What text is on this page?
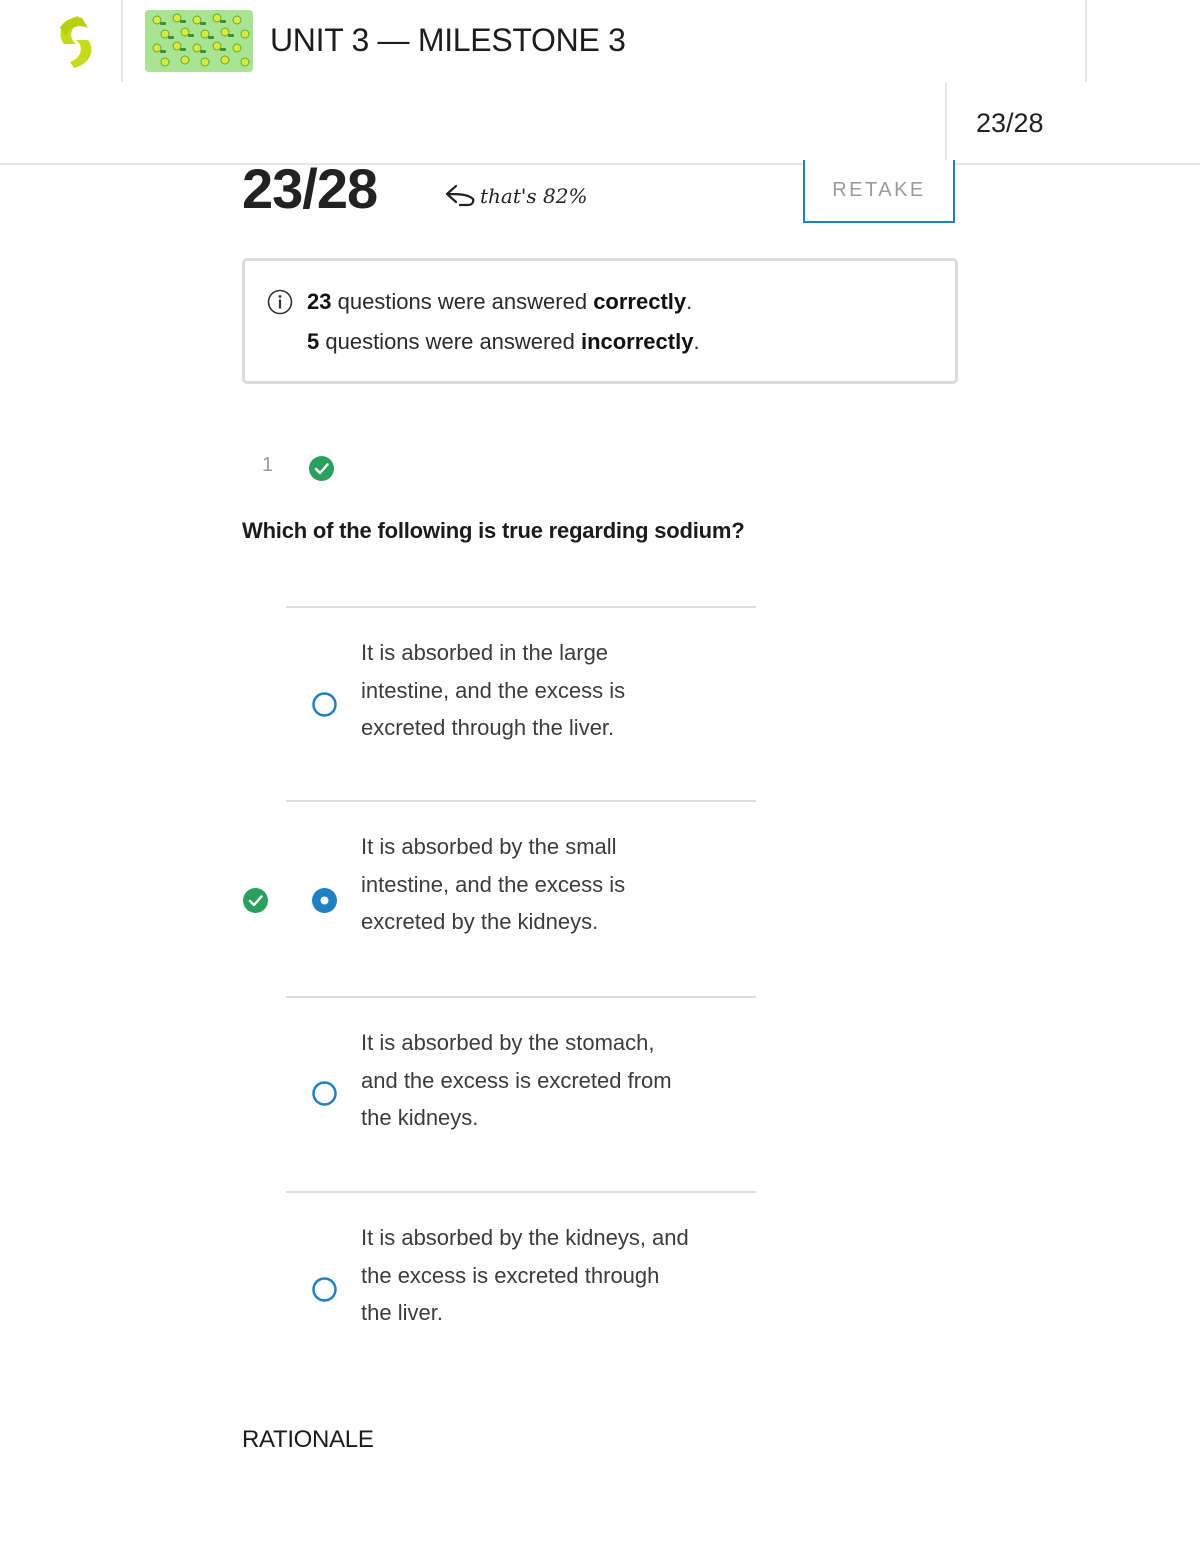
UNIT 3 — MILESTONE 3
23/28
23/28	that's 82%	RETAKE
23 questions were answered correctly.
5 questions were answered incorrectly.
1
Which of the following is true regarding sodium?
It is absorbed in the large
intestine, and the excess is
excreted through the liver.
It is absorbed by the small
intestine, and the excess is
excreted by the kidneys.
It is absorbed by the stomach,
and the excess is excreted from
the kidneys.
It is absorbed by the kidneys, and
the excess is excreted through
the liver.
RATIONALE
